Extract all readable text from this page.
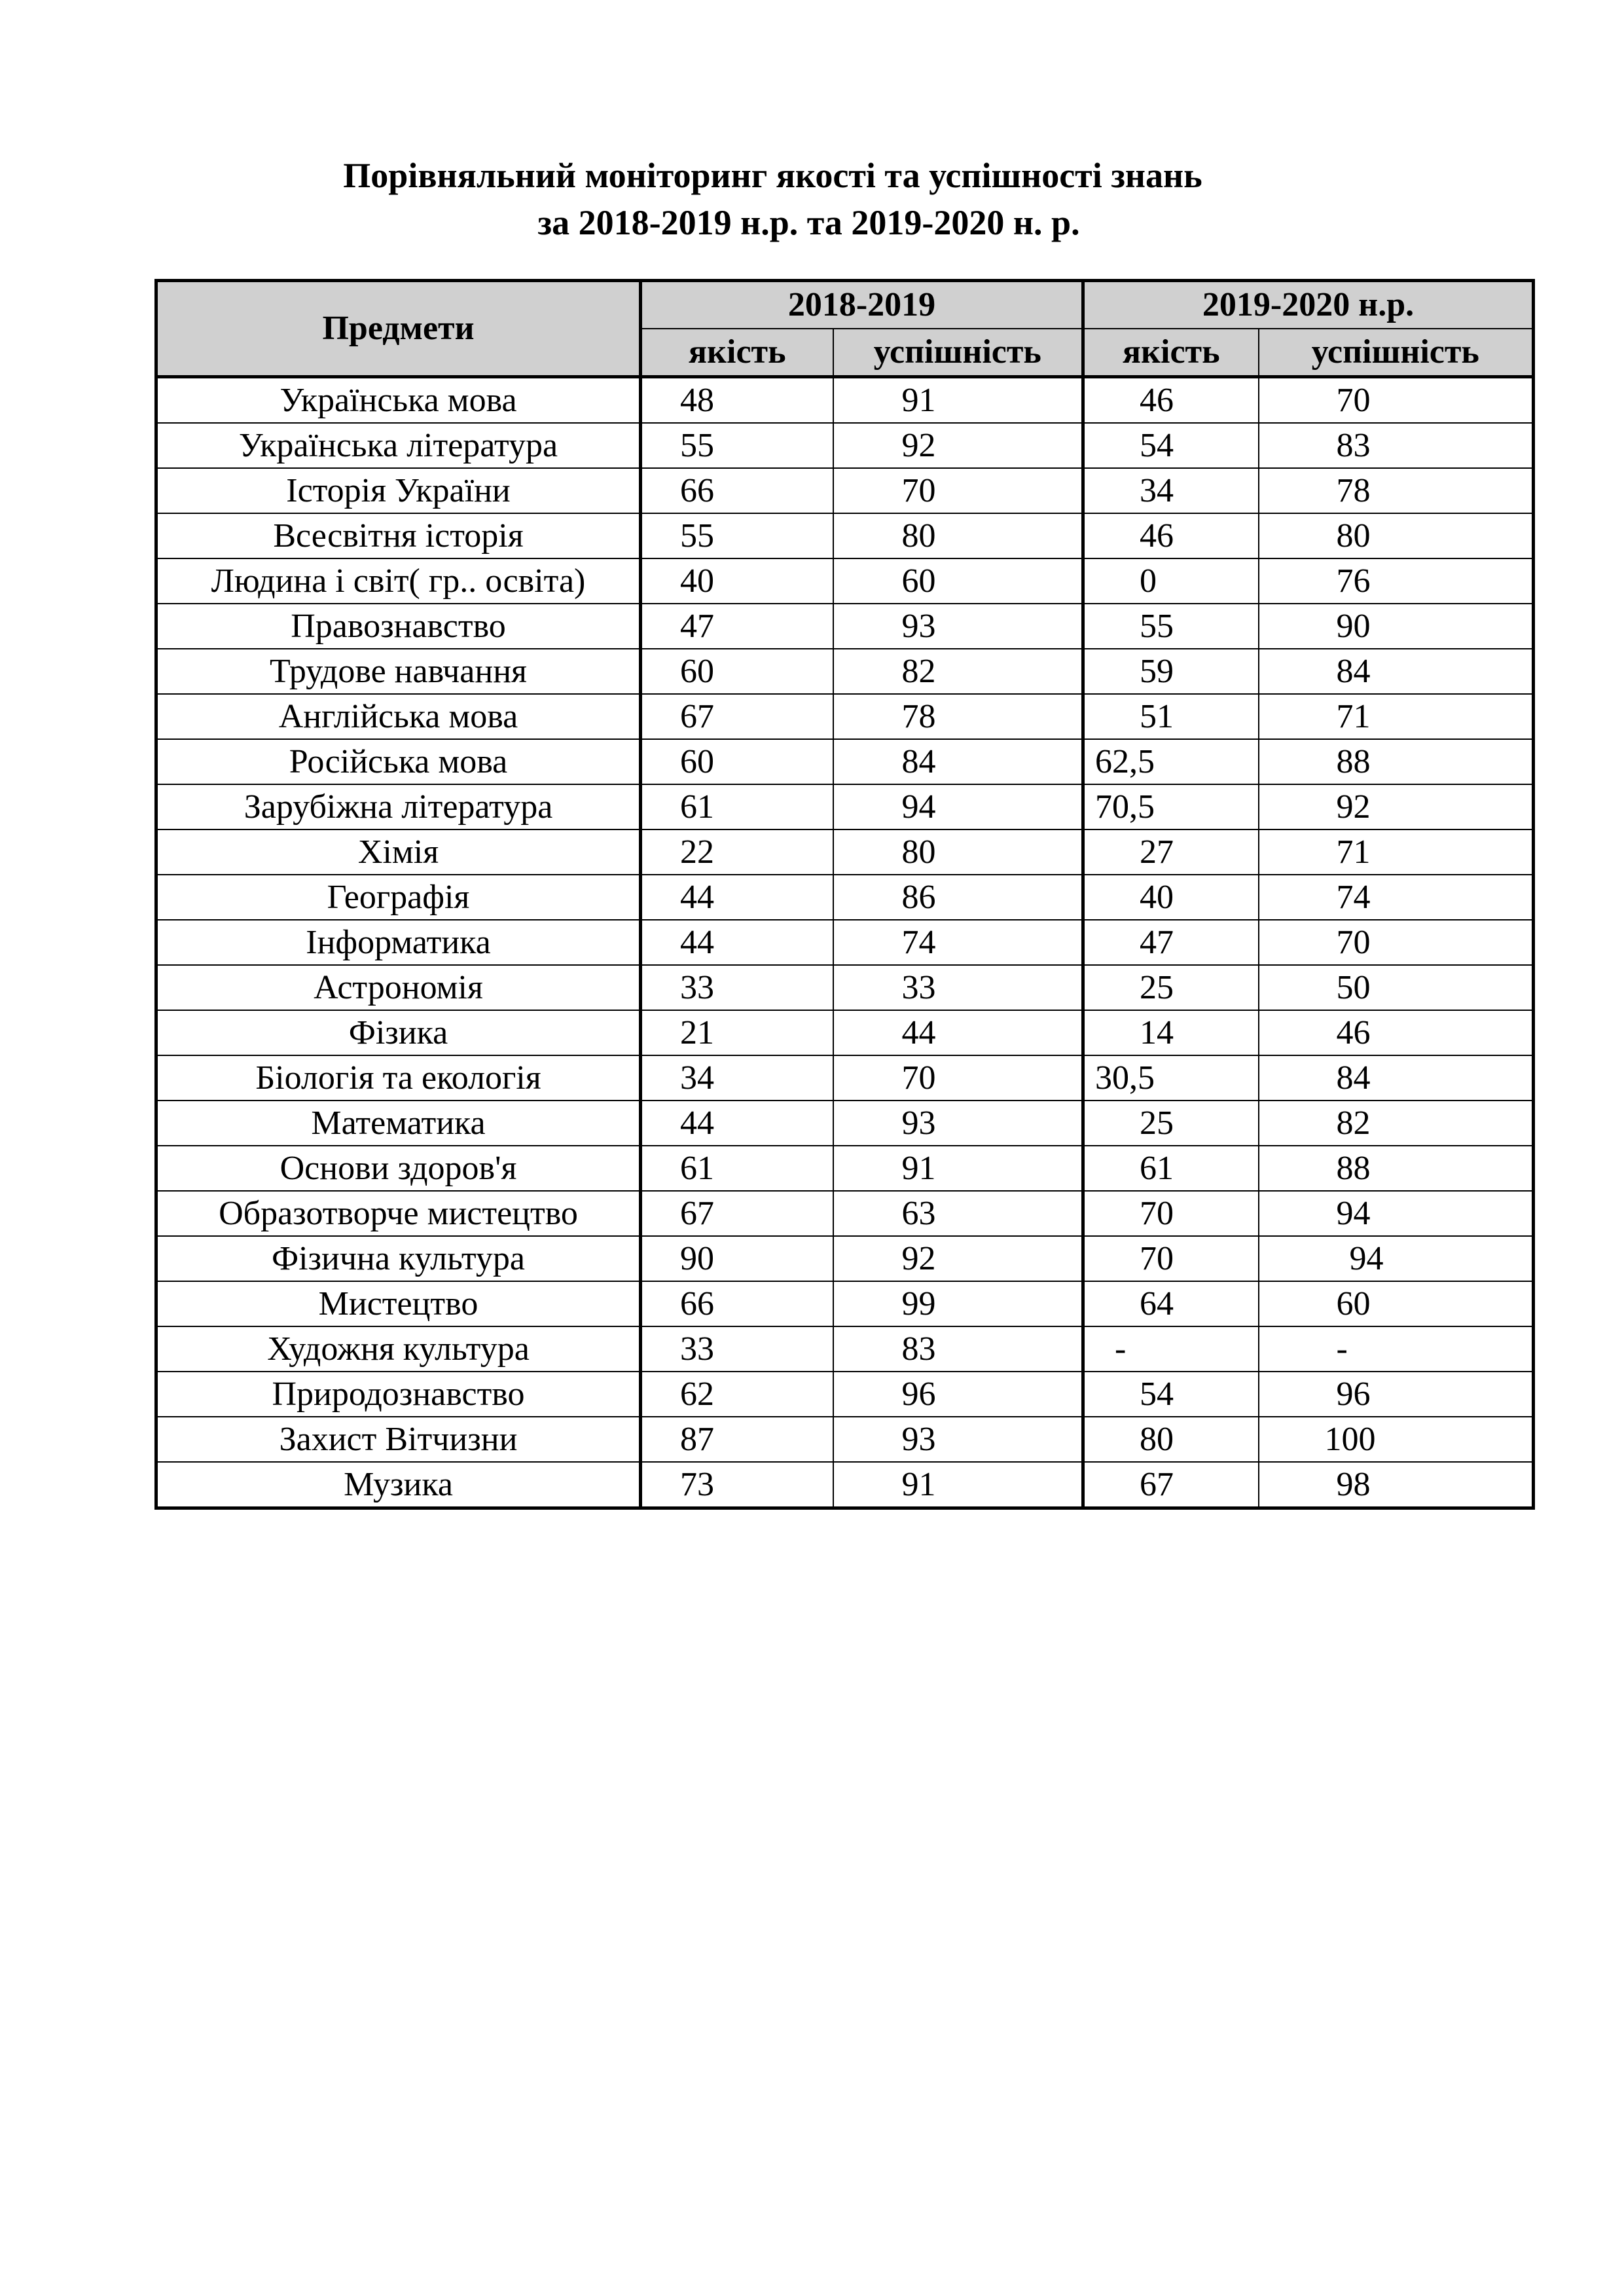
Порівняльний моніторинг якості та успішності знань
за 2018-2019 н.р. та 2019-2020 н. р.
Предмети	2018-2019		2019-2020 н.р.	
	якість	успішність	якість	успішність
Українська мова	48	91	46	70
Українська література	55	92	54	83
Історія України	66	70	34	78
Всесвітня історія	55	80	46	80
Людина і світ( гр.. освіта)	40	60	0	76
Правознавство	47	93	55	90
Трудове навчання	60	82	59	84
Англійська мова	67	78	51	71
Російська мова	60	84	62,5	88
Зарубіжна література	61	94	70,5	92
Хімія	22	80	27	71
Географія	44	86	40	74
Інформатика	44	74	47	70
Астрономія	33	33	25	50
Фізика	21	44	14	46
Біологія та екологія	34	70	30,5	84
Математика	44	93	25	82
Основи здоров'я	61	91	61	88
Образотворче мистецтво	67	63	70	94
Фізична культура	90	92	70	94
Мистецтво	66	99	64	60
Художня культура	33	83	-	-
Природознавство	62	96	54	96
Захист Вітчизни	87	93	80	100
Музика	73	91	67	98
